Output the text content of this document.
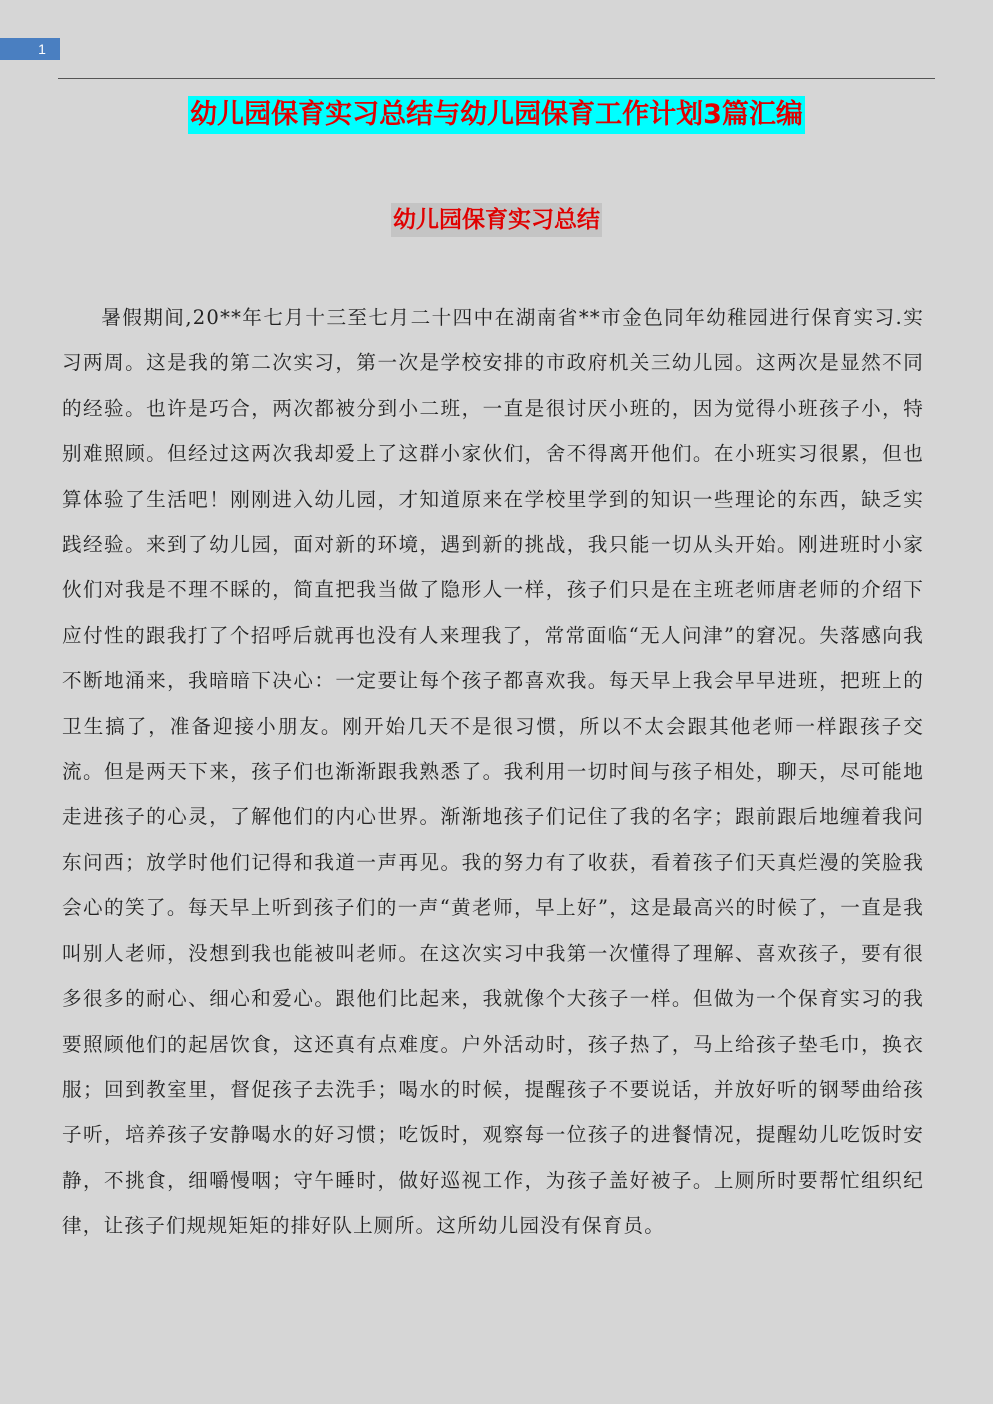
1
幼儿园保育实习总结与幼儿园保育工作计划3篇汇编
幼儿园保育实习总结

暑假期间,20**年七月十三至七月二十四中在湖南省**市金色同年幼稚园进行保育实习.实习两周。这是我的第二次实习，第一次是学校安排的市政府机关三幼儿园。这两次是显然不同的经验。也许是巧合，两次都被分到小二班，一直是很讨厌小班的，因为觉得小班孩子小，特别难照顾。但经过这两次我却爱上了这群小家伙们，舍不得离开他们。在小班实习很累，但也算体验了生活吧！刚刚进入幼儿园，才知道原来在学校里学到的知识一些理论的东西，缺乏实践经验。来到了幼儿园，面对新的环境，遇到新的挑战，我只能一切从头开始。刚进班时小家伙们对我是不理不睬的，简直把我当做了隐形人一样，孩子们只是在主班老师唐老师的介绍下应付性的跟我打了个招呼后就再也没有人来理我了，常常面临“无人问津”的窘况。失落感向我不断地涌来，我暗暗下决心：一定要让每个孩子都喜欢我。每天早上我会早早进班，把班上的卫生搞了，准备迎接小朋友。刚开始几天不是很习惯，所以不太会跟其他老师一样跟孩子交流。但是两天下来，孩子们也渐渐跟我熟悉了。我利用一切时间与孩子相处，聊天，尽可能地走进孩子的心灵，了解他们的内心世界。渐渐地孩子们记住了我的名字；跟前跟后地缠着我问东问西；放学时他们记得和我道一声再见。我的努力有了收获，看着孩子们天真烂漫的笑脸我会心的笑了。每天早上听到孩子们的一声“黄老师，早上好”，这是最高兴的时候了，一直是我叫别人老师，没想到我也能被叫老师。在这次实习中我第一次懂得了理解、喜欢孩子，要有很多很多的耐心、细心和爱心。跟他们比起来，我就像个大孩子一样。但做为一个保育实习的我要照顾他们的起居饮食，这还真有点难度。户外活动时，孩子热了，马上给孩子垫毛巾，换衣服；回到教室里，督促孩子去洗手；喝水的时候，提醒孩子不要说话，并放好听的钢琴曲给孩子听，培养孩子安静喝水的好习惯；吃饭时，观察每一位孩子的进餐情况，提醒幼儿吃饭时安静，不挑食，细嚼慢咽；守午睡时，做好巡视工作，为孩子盖好被子。上厕所时要帮忙组织纪律，让孩子们规规矩矩的排好队上厕所。这所幼儿园没有保育员。
